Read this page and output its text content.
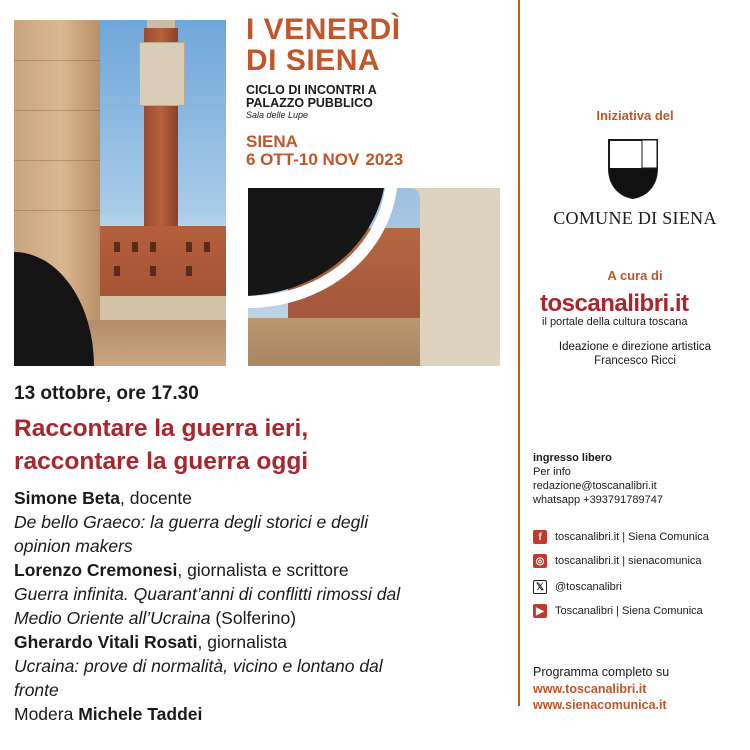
I VENERDÌ
DI SIENA
CICLO DI INCONTRI A
PALAZZO PUBBLICO
Sala delle Lupe
SIENA
6 OTT-10 NOV 2023
13 ottobre, ore 17.30
Raccontare la guerra ieri,
raccontare la guerra oggi

Simone Beta, docente

De bello Graeco: la guerra degli storici e degli

opinion makers

Lorenzo Cremonesi, giornalista e scrittore

Guerra infinita. Quarant’anni di conflitti rimossi dal

Medio Oriente all’Ucraina (Solferino)

Gherardo Vitali Rosati, giornalista

Ucraina: prove di normalità, vicino e lontano dal

fronte

Modera Michele Taddei

Iniziativa del
COMUNE DI SIENA
A cura di
toscanalibri.it
il portale della cultura toscana
Ideazione e direzione artistica
Francesco Ricci
ingresso libero
Per info
redazione@toscanalibri.it
whatsapp +393791789747
f	toscanalibri.it | Siena Comunica
◎ toscanalibri.it | sienacomunica
𝕏 @toscanalibri
▶ Toscanalibri | Siena Comunica
Programma completo su
www.toscanalibri.it
www.sienacomunica.it
